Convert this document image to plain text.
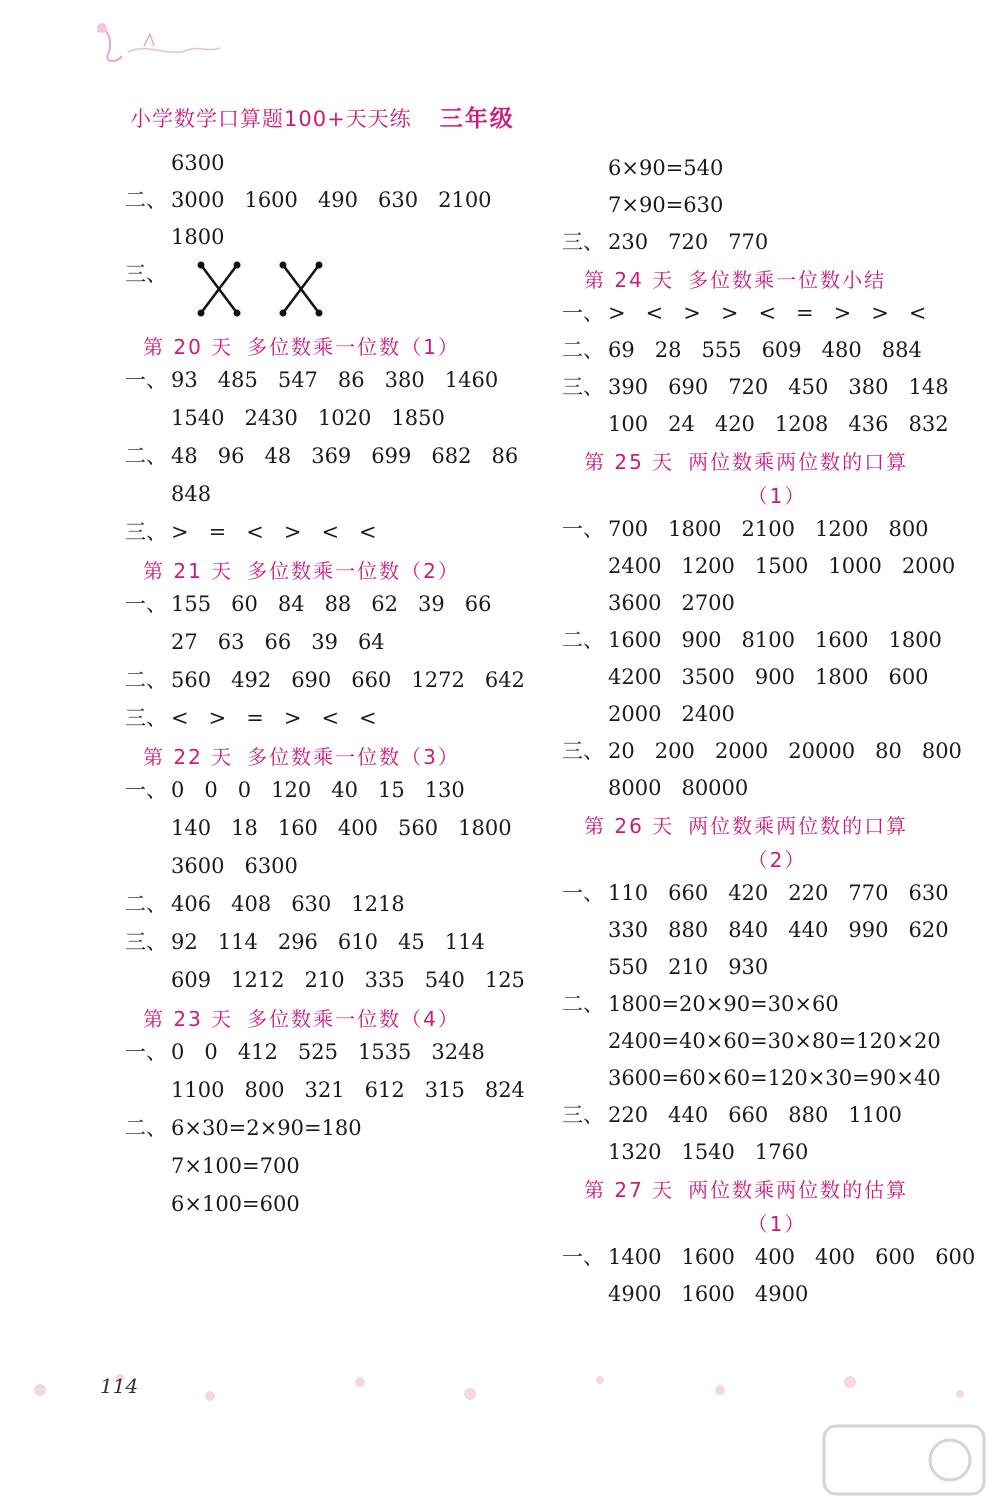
小学数学口算题100+天天练 三年级
6300
二、 3000 1600 490 630 2100
1800
三、
第 20 天 多位数乘一位数（1）
一、 93 485 547 86 380 1460
1540 2430 1020 1850
二、 48 96 48 369 699 682 86
848
三、 > = < > < <
第 21 天 多位数乘一位数（2）
一、 155 60 84 88 62 39 66
27 63 66 39 64
二、 560 492 690 660 1272 642
三、 < > = > < <
第 22 天 多位数乘一位数（3）
一、 0 0 0 120 40 15 130
140 18 160 400 560 1800
3600 6300
二、 406 408 630 1218
三、 92 114 296 610 45 114
609 1212 210 335 540 125
第 23 天 多位数乘一位数（4）
一、 0 0 412 525 1535 3248
1100 800 321 612 315 824
二、 6×30=2×90=180
7×100=700
6×100=600
6×90=540
7×90=630
三、 230 720 770
第 24 天 多位数乘一位数小结
一、 > < > > < = > > <
二、 69 28 555 609 480 884
三、 390 690 720 450 380 148
100 24 420 1208 436 832
第 25 天 两位数乘两位数的口算
（1）
一、 700 1800 2100 1200 800
2400 1200 1500 1000 2000
3600 2700
二、 1600 900 8100 1600 1800
4200 3500 900 1800 600
2000 2400
三、 20 200 2000 20000 80 800
8000 80000
第 26 天 两位数乘两位数的口算
（2）
一、 110 660 420 220 770 630
330 880 840 440 990 620
550 210 930
二、 1800=20×90=30×60
2400=40×60=30×80=120×20
3600=60×60=120×30=90×40
三、 220 440 660 880 1100
1320 1540 1760
第 27 天 两位数乘两位数的估算
（1）
一、 1400 1600 400 400 600 600
4900 1600 4900
114
